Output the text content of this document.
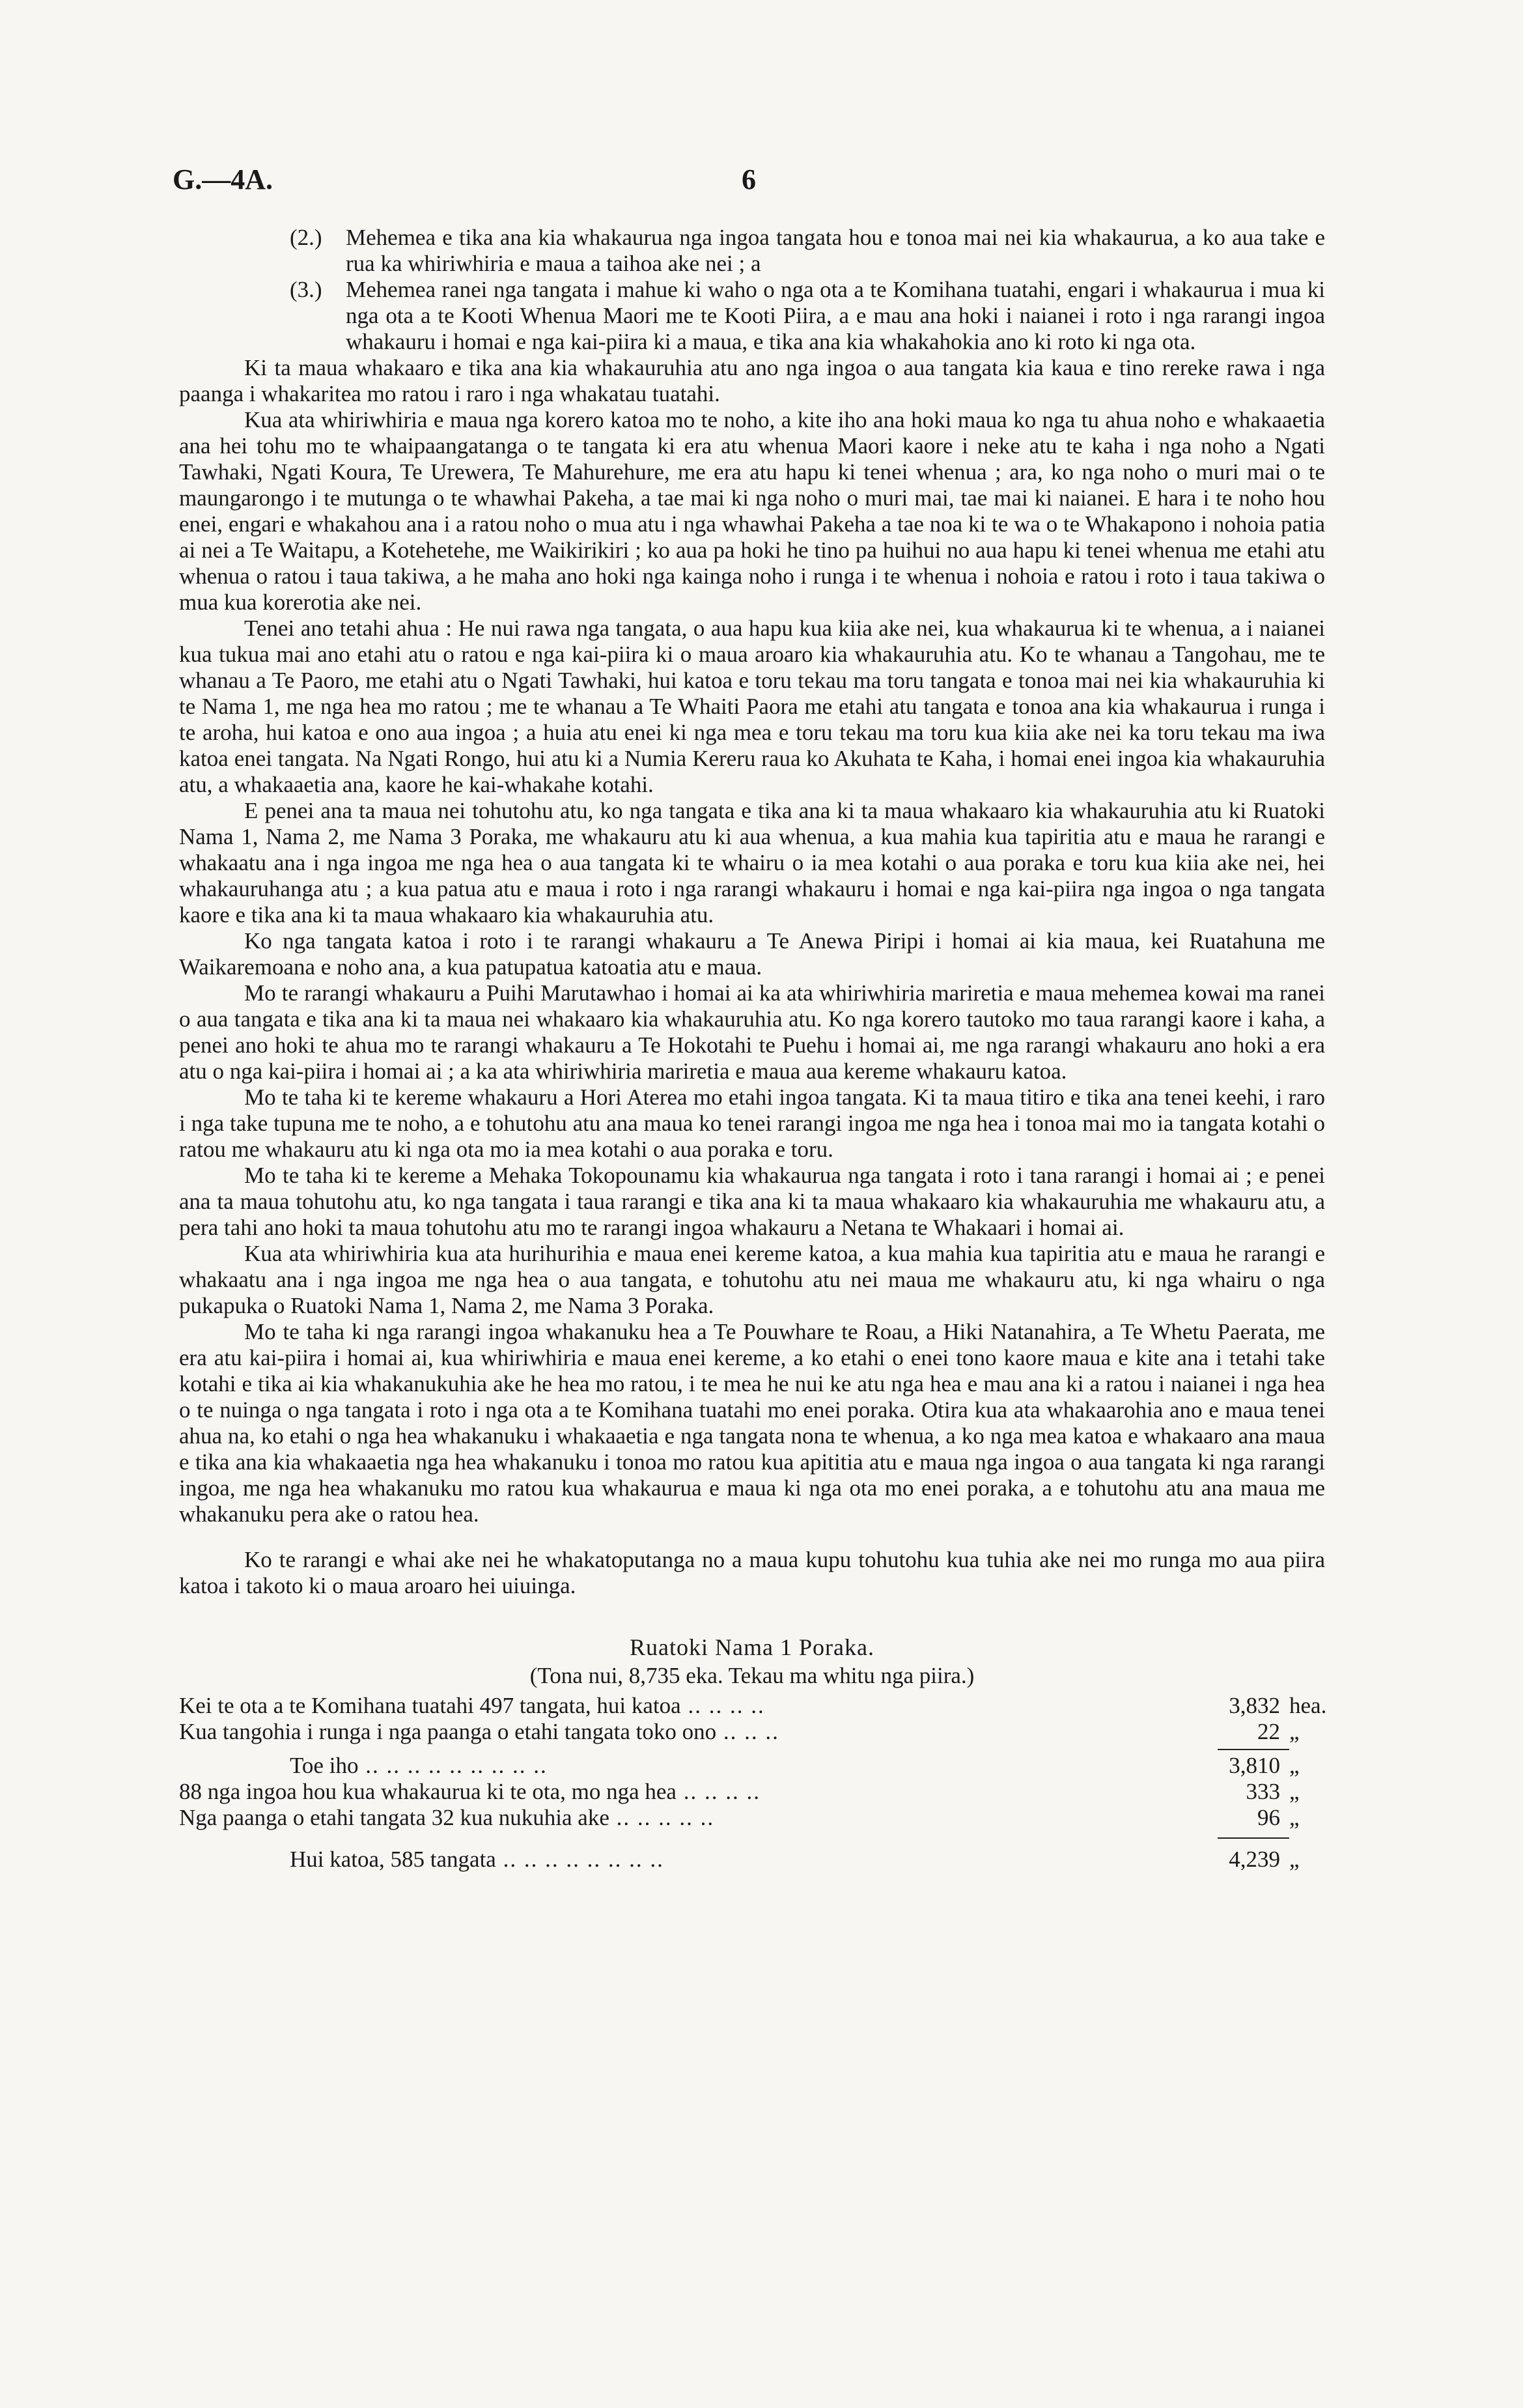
G.—4A.	6
(2.)	Mehemea e tika ana kia whakaurua nga ingoa tangata hou e tonoa mai nei kia whakaurua, a ko aua take e rua ka whiriwhiria e maua a taihoa ake nei ; a
(3.)	Mehemea ranei nga tangata i mahue ki waho o nga ota a te Komihana tuatahi, engari i whakaurua i mua ki nga ota a te Kooti Whenua Maori me te Kooti Piira, a e mau ana hoki i naianei i roto i nga rarangi ingoa whakauru i homai e nga kai-piira ki a maua, e tika ana kia whakahokia ano ki roto ki nga ota.

Ki ta maua whakaaro e tika ana kia whakauruhia atu ano nga ingoa o aua tangata kia kaua e tino rereke rawa i nga paanga i whakaritea mo ratou i raro i nga whakatau tuatahi.

Kua ata whiriwhiria e maua nga korero katoa mo te noho, a kite iho ana hoki maua ko nga tu ahua noho e whakaaetia ana hei tohu mo te whaipaangatanga o te tangata ki era atu whenua Maori kaore i neke atu te kaha i nga noho a Ngati Tawhaki, Ngati Koura, Te Urewera, Te Mahurehure, me era atu hapu ki tenei whenua ; ara, ko nga noho o muri mai o te maungarongo i te mutunga o te whawhai Pakeha, a tae mai ki nga noho o muri mai, tae mai ki naianei. E hara i te noho hou enei, engari e whakahou ana i a ratou noho o mua atu i nga whawhai Pakeha a tae noa ki te wa o te Whakapono i nohoia patia ai nei a Te Waitapu, a Kotehetehe, me Waikirikiri ; ko aua pa hoki he tino pa huihui no aua hapu ki tenei whenua me etahi atu whenua o ratou i taua takiwa, a he maha ano hoki nga kainga noho i runga i te whenua i nohoia e ratou i roto i taua takiwa o mua kua korerotia ake nei.

Tenei ano tetahi ahua : He nui rawa nga tangata, o aua hapu kua kiia ake nei, kua whakaurua ki te whenua, a i naianei kua tukua mai ano etahi atu o ratou e nga kai-piira ki o maua aroaro kia whakauruhia atu. Ko te whanau a Tangohau, me te whanau a Te Paoro, me etahi atu o Ngati Tawhaki, hui katoa e toru tekau ma toru tangata e tonoa mai nei kia whakauruhia ki te Nama 1, me nga hea mo ratou ; me te whanau a Te Whaiti Paora me etahi atu tangata e tonoa ana kia whakaurua i runga i te aroha, hui katoa e ono aua ingoa ; a huia atu enei ki nga mea e toru tekau ma toru kua kiia ake nei ka toru tekau ma iwa katoa enei tangata. Na Ngati Rongo, hui atu ki a Numia Kereru raua ko Akuhata te Kaha, i homai enei ingoa kia whakauruhia atu, a whakaaetia ana, kaore he kai-whakahe kotahi.

E penei ana ta maua nei tohutohu atu, ko nga tangata e tika ana ki ta maua whakaaro kia whakauruhia atu ki Ruatoki Nama 1, Nama 2, me Nama 3 Poraka, me whakauru atu ki aua whenua, a kua mahia kua tapiritia atu e maua he rarangi e whakaatu ana i nga ingoa me nga hea o aua tangata ki te whairu o ia mea kotahi o aua poraka e toru kua kiia ake nei, hei whakauruhanga atu ; a kua patua atu e maua i roto i nga rarangi whakauru i homai e nga kai-piira nga ingoa o nga tangata kaore e tika ana ki ta maua whakaaro kia whakauruhia atu.

Ko nga tangata katoa i roto i te rarangi whakauru a Te Anewa Piripi i homai ai kia maua, kei Ruatahuna me Waikaremoana e noho ana, a kua patupatua katoatia atu e maua.

Mo te rarangi whakauru a Puihi Marutawhao i homai ai ka ata whiriwhiria marіretia e maua mehemea kowai ma ranei o aua tangata e tika ana ki ta maua nei whakaaro kia whakauruhia atu. Ko nga korero tautoko mo taua rarangi kaore i kaha, a penei ano hoki te ahua mo te rarangi whakauru a Te Hokotahi te Puehu i homai ai, me nga rarangi whakauru ano hoki a era atu o nga kai-piira i homai ai ; a ka ata whiriwhiria mariretia e maua aua kereme whakauru katoa.

Mo te taha ki te kereme whakauru a Hori Aterea mo etahi ingoa tangata. Ki ta maua titiro e tika ana tenei keehi, i raro i nga take tupuna me te noho, a e tohutohu atu ana maua ko tenei rarangi ingoa me nga hea i tonoa mai mo ia tangata kotahi o ratou me whakauru atu ki nga ota mo ia mea kotahi o aua poraka e toru.

Mo te taha ki te kereme a Mehaka Tokopounamu kia whakaurua nga tangata i roto i tana rarangi i homai ai ; e penei ana ta maua tohutohu atu, ko nga tangata i taua rarangi e tika ana ki ta maua whakaaro kia whakauruhia me whakauru atu, a pera tahi ano hoki ta maua tohutohu atu mo te rarangi ingoa whakauru a Netana te Whakaari i homai ai.

Kua ata whiriwhiria kua ata hurihurihia e maua enei kereme katoa, a kua mahia kua tapiritia atu e maua he rarangi e whakaatu ana i nga ingoa me nga hea o aua tangata, e tohutohu atu nei maua me whakauru atu, ki nga whairu o nga pukapuka o Ruatoki Nama 1, Nama 2, me Nama 3 Poraka.

Mo te taha ki nga rarangi ingoa whakanuku hea a Te Pouwhare te Roau, a Hiki Natanahira, a Te Whetu Paerata, me era atu kai-piira i homai ai, kua whiriwhiria e maua enei kereme, a ko etahi o enei tono kaore maua e kite ana i tetahi take kotahi e tika ai kia whakanukuhia ake he hea mo ratou, i te mea he nui ke atu nga hea e mau ana ki a ratou i naianei i nga hea o te nuinga o nga tangata i roto i nga ota a te Komihana tuatahi mo enei poraka. Otira kua ata whakaarohia ano e maua tenei ahua na, ko etahi o nga hea whakanuku i whakaaetia e nga tangata nona te whenua, a ko nga mea katoa e whakaaro ana maua e tika ana kia whakaaetia nga hea whakanuku i tonoa mo ratou kua apititia atu e maua nga ingoa o aua tangata ki nga rarangi ingoa, me nga hea whakanuku mo ratou kua whakaurua e maua ki nga ota mo enei poraka, a e tohutohu atu ana maua me whakanuku pera ake o ratou hea.

Ko te rarangi e whai ake nei he whakatoputanga no a maua kupu tohutohu kua tuhia ake nei mo runga mo aua piira katoa i takoto ki o maua aroaro hei uiuinga.

Ruatoki Nama 1 Poraka.
(Tona nui, 8,735 eka. Tekau ma whitu nga piira.)
Kei te ota a te Komihana tuatahi 497 tangata, hui katoa .. .. .. ..	3,832 hea.
Kua tangohia i runga i nga paanga o etahi tangata toko ono .. .. ..	22 „
Toe iho .. .. .. .. .. .. .. .. ..	3,810 „
88 nga ingoa hou kua whakaurua ki te ota, mo nga hea .. .. .. ..	333 „
Nga paanga o etahi tangata 32 kua nukuhia ake .. .. .. .. ..	96 „
Hui katoa, 585 tangata .. .. .. .. .. .. .. ..	4,239 „
